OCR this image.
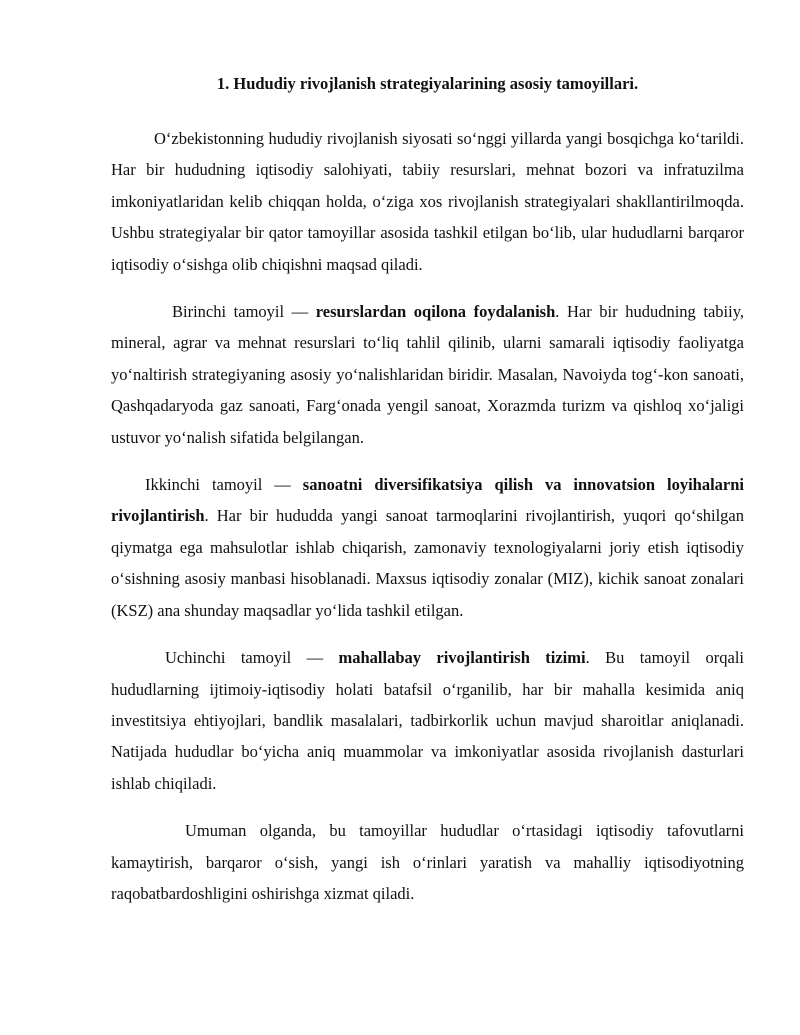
1. Hududiy rivojlanish strategiyalarining asosiy tamoyillari.

O‘zbekistonning hududiy rivojlanish siyosati so‘nggi yillarda yangi bosqichga ko‘tarildi. Har bir hududning iqtisodiy salohiyati, tabiiy resurslari, mehnat bozori va infratuzilma imkoniyatlaridan kelib chiqqan holda, o‘ziga xos rivojlanish strategiyalari shakllantirilmoqda. Ushbu strategiyalar bir qator tamoyillar asosida tashkil etilgan bo‘lib, ular hududlarni barqaror iqtisodiy o‘sishga olib chiqishni maqsad qiladi.

Birinchi tamoyil — resurslardan oqilona foydalanish. Har bir hududning tabiiy, mineral, agrar va mehnat resurslari to‘liq tahlil qilinib, ularni samarali iqtisodiy faoliyatga yo‘naltirish strategiyaning asosiy yo‘nalishlaridan biridir. Masalan, Navoiyda tog‘-kon sanoati, Qashqadaryoda gaz sanoati, Farg‘onada yengil sanoat, Xorazmda turizm va qishloq xo‘jaligi ustuvor yo‘nalish sifatida belgilangan.

Ikkinchi tamoyil — sanoatni diversifikatsiya qilish va innovatsion loyihalarni rivojlantirish. Har bir hududda yangi sanoat tarmoqlarini rivojlantirish, yuqori qo‘shilgan qiymatga ega mahsulotlar ishlab chiqarish, zamonaviy texnologiyalarni joriy etish iqtisodiy o‘sishning asosiy manbasi hisoblanadi. Maxsus iqtisodiy zonalar (MIZ), kichik sanoat zonalari (KSZ) ana shunday maqsadlar yo‘lida tashkil etilgan.

Uchinchi tamoyil — mahallabay rivojlantirish tizimi. Bu tamoyil orqali hududlarning ijtimoiy-iqtisodiy holati batafsil o‘rganilib, har bir mahalla kesimida aniq investitsiya ehtiyojlari, bandlik masalalari, tadbirkorlik uchun mavjud sharoitlar aniqlanadi. Natijada hududlar bo‘yicha aniq muammolar va imkoniyatlar asosida rivojlanish dasturlari ishlab chiqiladi.

Umuman olganda, bu tamoyillar hududlar o‘rtasidagi iqtisodiy tafovutlarni kamaytirish, barqaror o‘sish, yangi ish o‘rinlari yaratish va mahalliy iqtisodiyotning raqobatbardoshligini oshirishga xizmat qiladi.
